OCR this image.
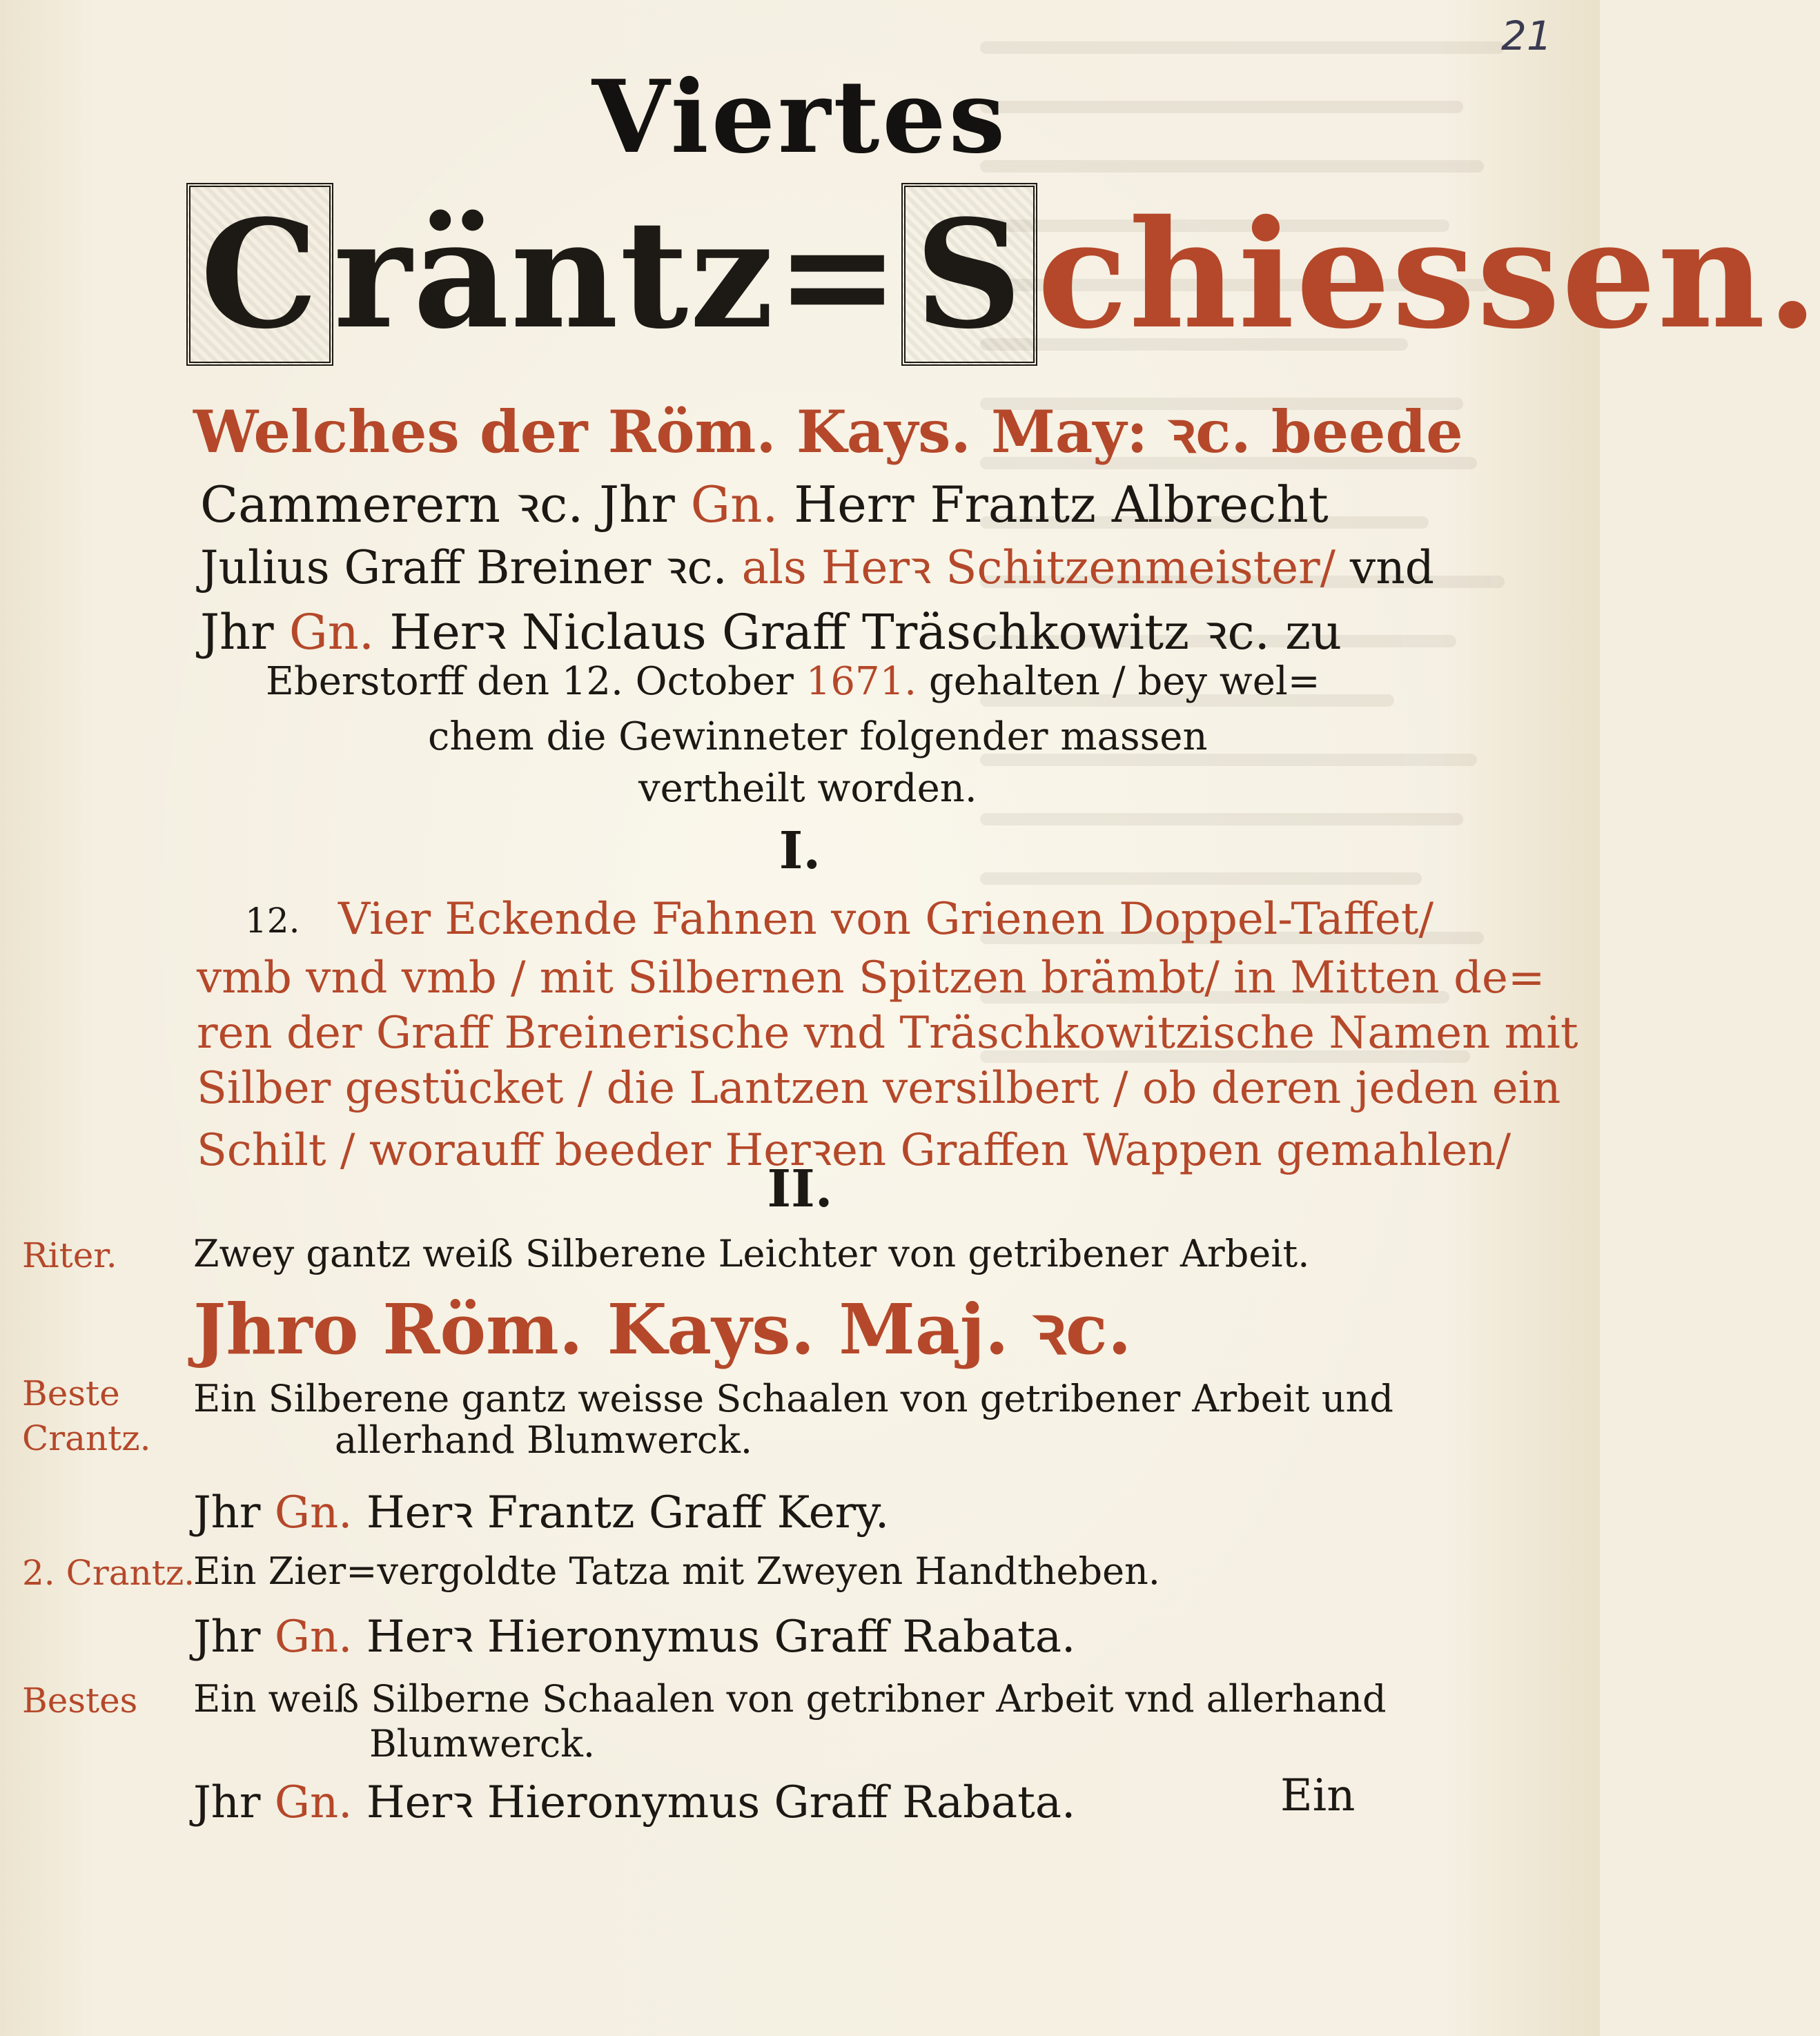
21
Viertes
Cräntz=Schiessen.
Welches der Röm. Kays. May: ꝛc. beede
Cammerern ꝛc. Jhr Gn. Herr Frantz Albrecht
Julius Graff Breiner ꝛc. als Herꝛ Schitzenmeister/ vnd
Jhr Gn. Herꝛ Niclaus Graff Träschkowitz ꝛc. zu
Eberstorff den 12. October 1671. gehalten / bey wel=
chem die Gewinneter folgender massen
vertheilt worden.
I.
12. Vier Eckende Fahnen von Grienen Doppel-Taffet/
vmb vnd vmb / mit Silbernen Spitzen brämbt/ in Mitten de=
ren der Graff Breinerische vnd Träschkowitzische Namen mit
Silber gestücket / die Lantzen versilbert / ob deren jeden ein
Schilt / worauff beeder Herꝛen Graffen Wappen gemahlen/
II.
Riter. Zwey gantz weiß Silberene Leichter von getribener Arbeit.
Jhro Röm. Kays. Maj. ꝛc.
Beste
Crantz.
Ein Silberene gantz weisse Schaalen von getribener Arbeit und
allerhand Blumwerck.
Jhr Gn. Herꝛ Frantz Graff Kery.
2. Crantz.
Ein Zier=vergoldte Tatza mit Zweyen Handtheben.
Jhr Gn. Herꝛ Hieronymus Graff Rabata.
Bestes Ein weiß Silberne Schaalen von getribner Arbeit vnd allerhand
Blumwerck.
Jhr Gn. Herꝛ Hieronymus Graff Rabata.	Ein
